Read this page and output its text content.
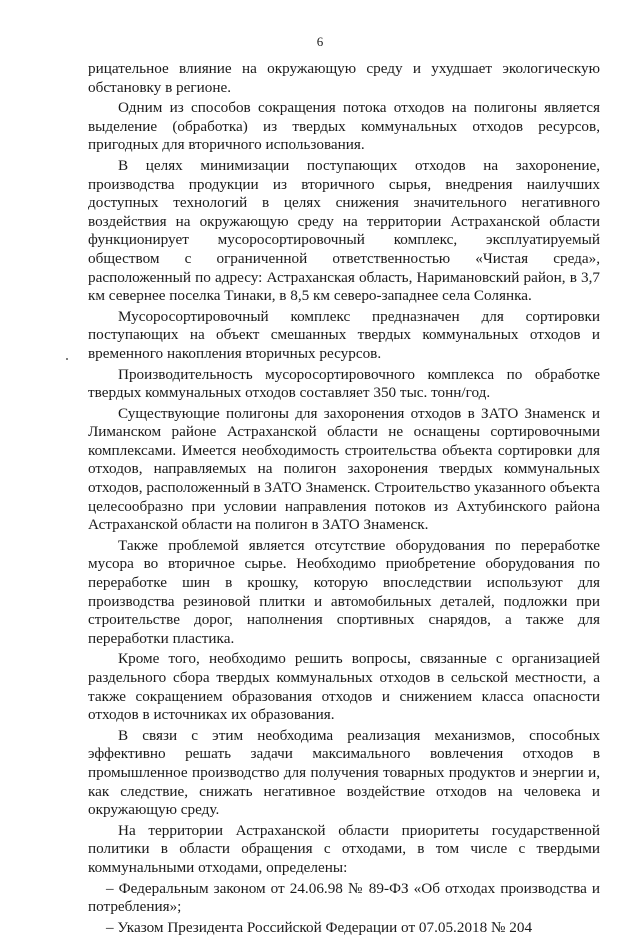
6

рицательное влияние на окружающую среду и ухудшает экологическую обстановку в регионе.

Одним из способов сокращения потока отходов на полигоны является выделение (обработка) из твердых коммунальных отходов ресурсов, пригодных для вторичного использования.

В целях минимизации поступающих отходов на захоронение, производства продукции из вторичного сырья, внедрения наилучших доступных технологий в целях снижения значительного негативного воздействия на окружающую среду на территории Астраханской области функционирует мусоросортировочный комплекс, эксплуатируемый обществом с ограниченной ответственностью «Чистая среда», расположенный по адресу: Астраханская область, Наримановский район, в 3,7 км севернее поселка Тинаки, в 8,5 км северо-западнее села Солянка.

Мусоросортировочный комплекс предназначен для сортировки поступающих на объект смешанных твердых коммунальных отходов и временного накопления вторичных ресурсов.

Производительность мусоросортировочного комплекса по обработке твердых коммунальных отходов составляет 350 тыс. тонн/год.

Существующие полигоны для захоронения отходов в ЗАТО Знаменск и Лиманском районе Астраханской области не оснащены сортировочными комплексами. Имеется необходимость строительства объекта сортировки для отходов, направляемых на полигон захоронения твердых коммунальных отходов, расположенный в ЗАТО Знаменск. Строительство указанного объекта целесообразно при условии направления потоков из Ахтубинского района Астраханской области на полигон в ЗАТО Знаменск.

Также проблемой является отсутствие оборудования по переработке мусора во вторичное сырье. Необходимо приобретение оборудования по переработке шин в крошку, которую впоследствии используют для производства резиновой плитки и автомобильных деталей, подложки при строительстве дорог, наполнения спортивных снарядов, а также для переработки пластика.

Кроме того, необходимо решить вопросы, связанные с организацией раздельного сбора твердых коммунальных отходов в сельской местности, а также сокращением образования отходов и снижением класса опасности отходов в источниках их образования.

В связи с этим необходима реализация механизмов, способных эффективно решать задачи максимального вовлечения отходов в промышленное производство для получения товарных продуктов и энергии и, как следствие, снижать негативное воздействие отходов на человека и окружающую среду.

На территории Астраханской области приоритеты государственной политики в области обращения с отходами, в том числе с твердыми коммунальными отходами, определены:

– Федеральным законом от 24.06.98 № 89-ФЗ «Об отходах производства и потребления»;

– Указом Президента Российской Федерации от 07.05.2018 № 204
